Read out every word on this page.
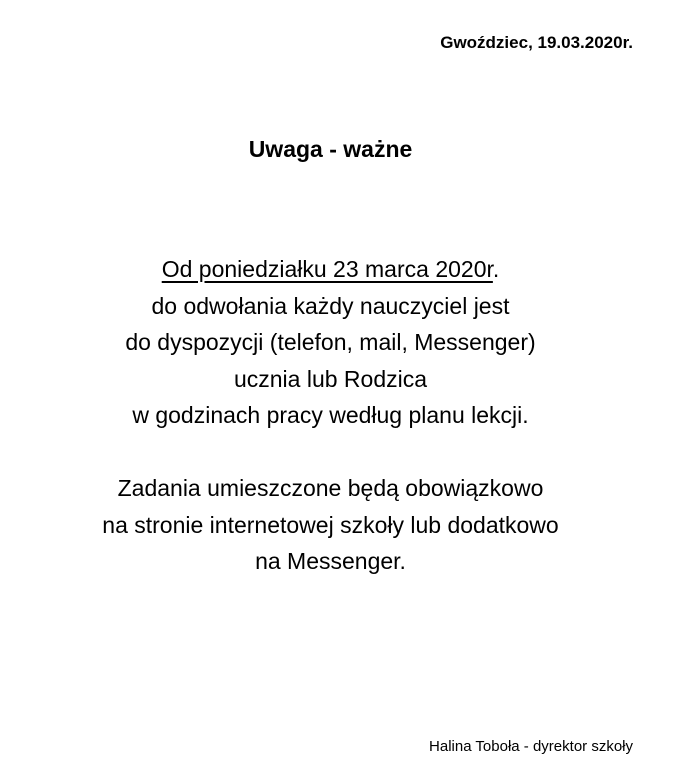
Gwoździec, 19.03.2020r.
Uwaga - ważne
Od poniedziałku 23 marca 2020r.
do odwołania każdy nauczyciel jest
do dyspozycji (telefon, mail, Messenger)
ucznia lub Rodzica
w godzinach pracy według planu lekcji.
Zadania umieszczone będą obowiązkowo
na stronie internetowej szkoły lub dodatkowo
na Messenger.
Halina Toboła - dyrektor szkoły
